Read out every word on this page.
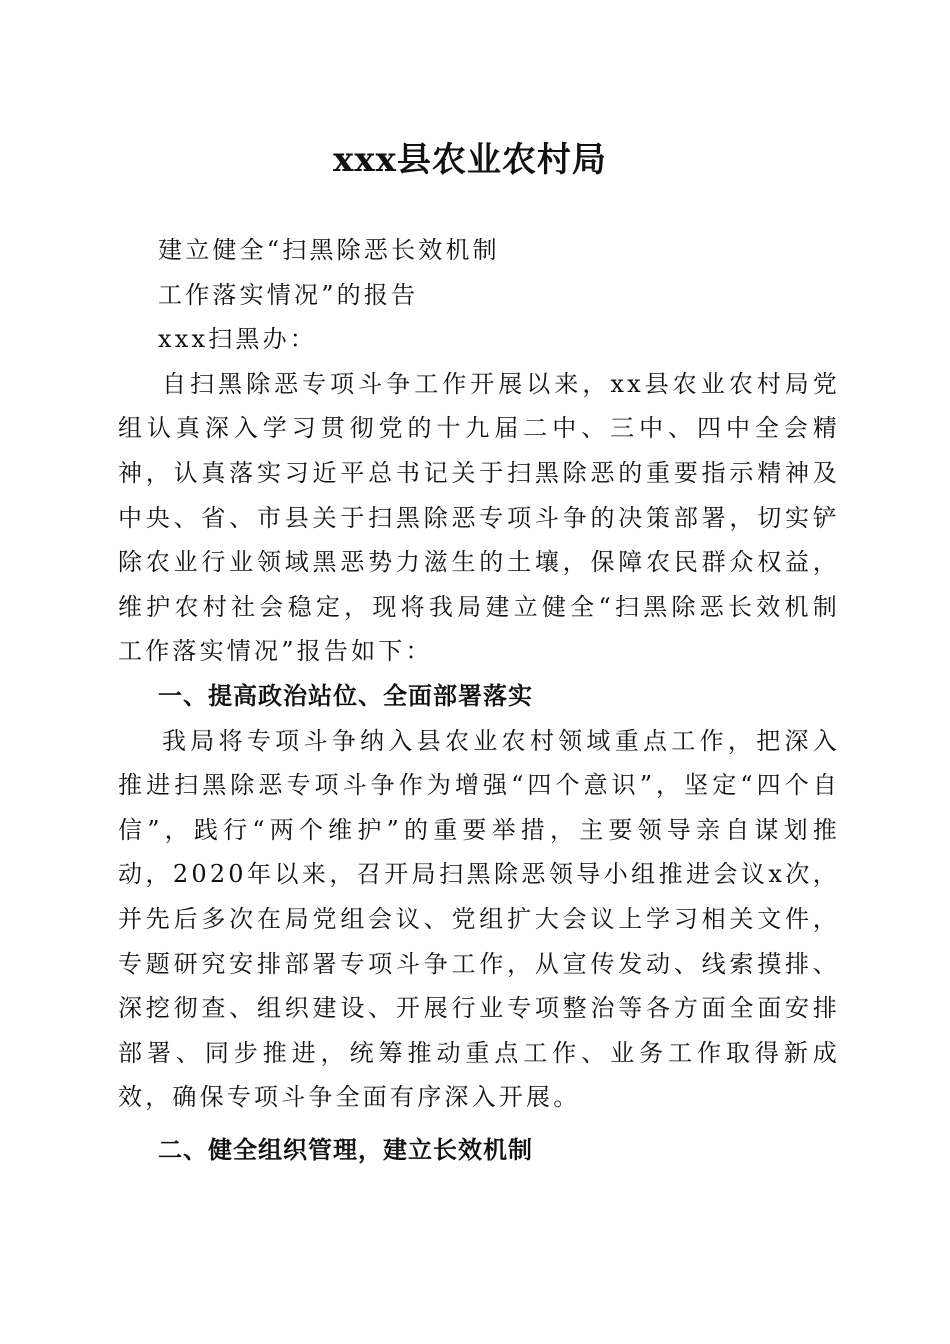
xxx县农业农村局

建立健全“扫黑除恶长效机制

工作落实情况”的报告

xxx扫黑办：

自扫黑除恶专项斗争工作开展以来，xx县农业农村局党组认真深入学习贯彻党的十九届二中、三中、四中全会精神，认真落实习近平总书记关于扫黑除恶的重要指示精神及中央、省、市县关于扫黑除恶专项斗争的决策部署，切实铲除农业行业领域黑恶势力滋生的土壤，保障农民群众权益，维护农村社会稳定，现将我局建立健全“扫黑除恶长效机制工作落实情况”报告如下：

一、提高政治站位、全面部署落实

我局将专项斗争纳入县农业农村领域重点工作，把深入推进扫黑除恶专项斗争作为增强“四个意识”，坚定“四个自信”，践行“两个维护”的重要举措，主要领导亲自谋划推动，2020年以来，召开局扫黑除恶领导小组推进会议x次，并先后多次在局党组会议、党组扩大会议上学习相关文件，专题研究安排部署专项斗争工作，从宣传发动、线索摸排、深挖彻查、组织建设、开展行业专项整治等各方面全面安排部署、同步推进，统筹推动重点工作、业务工作取得新成效，确保专项斗争全面有序深入开展。

二、健全组织管理，建立长效机制
